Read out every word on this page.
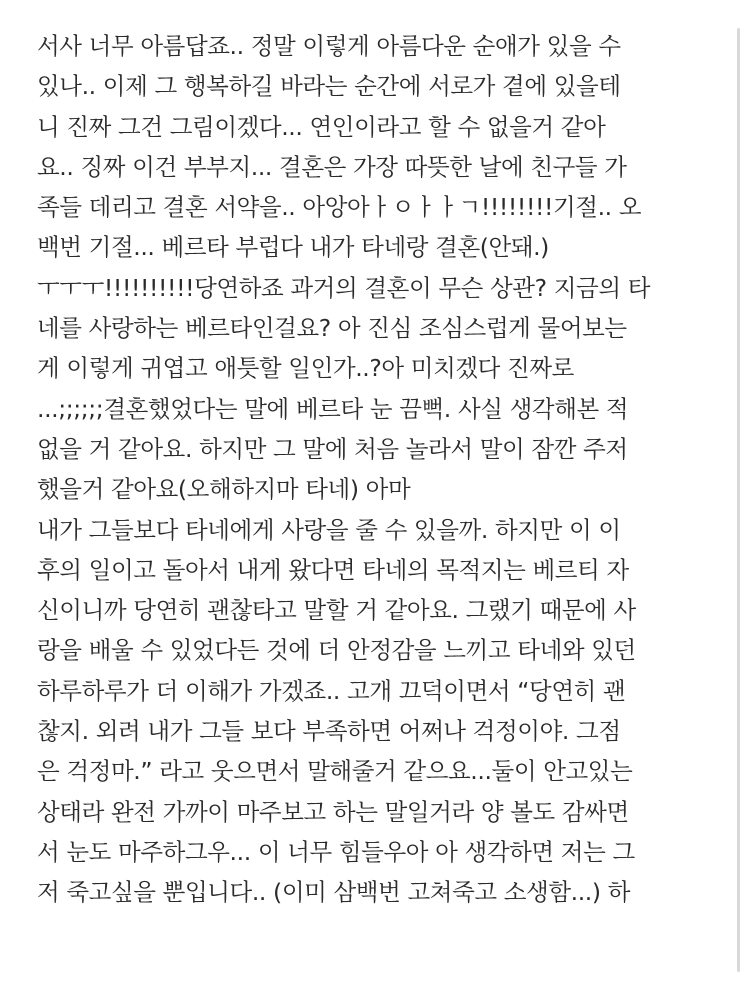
서사 너무 아름답죠.. 정말 이렇게 아름다운 순애가 있을 수
있나.. 이제 그 행복하길 바라는 순간에 서로가 곁에 있을테
니 진짜 그건 그림이겠다... 연인이라고 할 수 없을거 같아
요.. 징짜 이건 부부지... 결혼은 가장 따뜻한 날에 친구들 가
족들 데리고 결혼 서약을.. 아앙아ㅏㅇㅏㅏㄱ!!!!!!!!기절.. 오
백번 기절... 베르타 부럽다 내가 타네랑 결혼(안돼.)
ㅜㅜㅜ!!!!!!!!!!당연하죠 과거의 결혼이 무슨 상관? 지금의 타
네를 사랑하는 베르타인걸요? 아 진심 조심스럽게 물어보는
게 이렇게 귀엽고 애틋할 일인가..?아 미치겠다 진짜로
...;;;;;;결혼했었다는 말에 베르타 눈 끔뻑. 사실 생각해본 적
없을 거 같아요. 하지만 그 말에 처음 놀라서 말이 잠깐 주저
했을거 같아요(오해하지마 타네) 아마
내가 그들보다 타네에게 사랑을 줄 수 있을까. 하지만 이 이
후의 일이고 돌아서 내게 왔다면 타네의 목적지는 베르티 자
신이니까 당연히 괜찮타고 말할 거 같아요. 그랬기 때문에 사
랑을 배울 수 있었다든 것에 더 안정감을 느끼고 타네와 있던
하루하루가 더 이해가 가겠죠.. 고개 끄덕이면서 “당연히 괜
찮지. 외려 내가 그들 보다 부족하면 어쩌나 걱정이야. 그점
은 걱정마.” 라고 웃으면서 말해줄거 같으요...둘이 안고있는
상태라 완전 가까이 마주보고 하는 말일거라 양 볼도 감싸면
서 눈도 마주하그우... 이 너무 힘들우아 아 생각하면 저는 그
저 죽고싶을 뿐입니다.. (이미 삼백번 고쳐죽고 소생함...) 하
